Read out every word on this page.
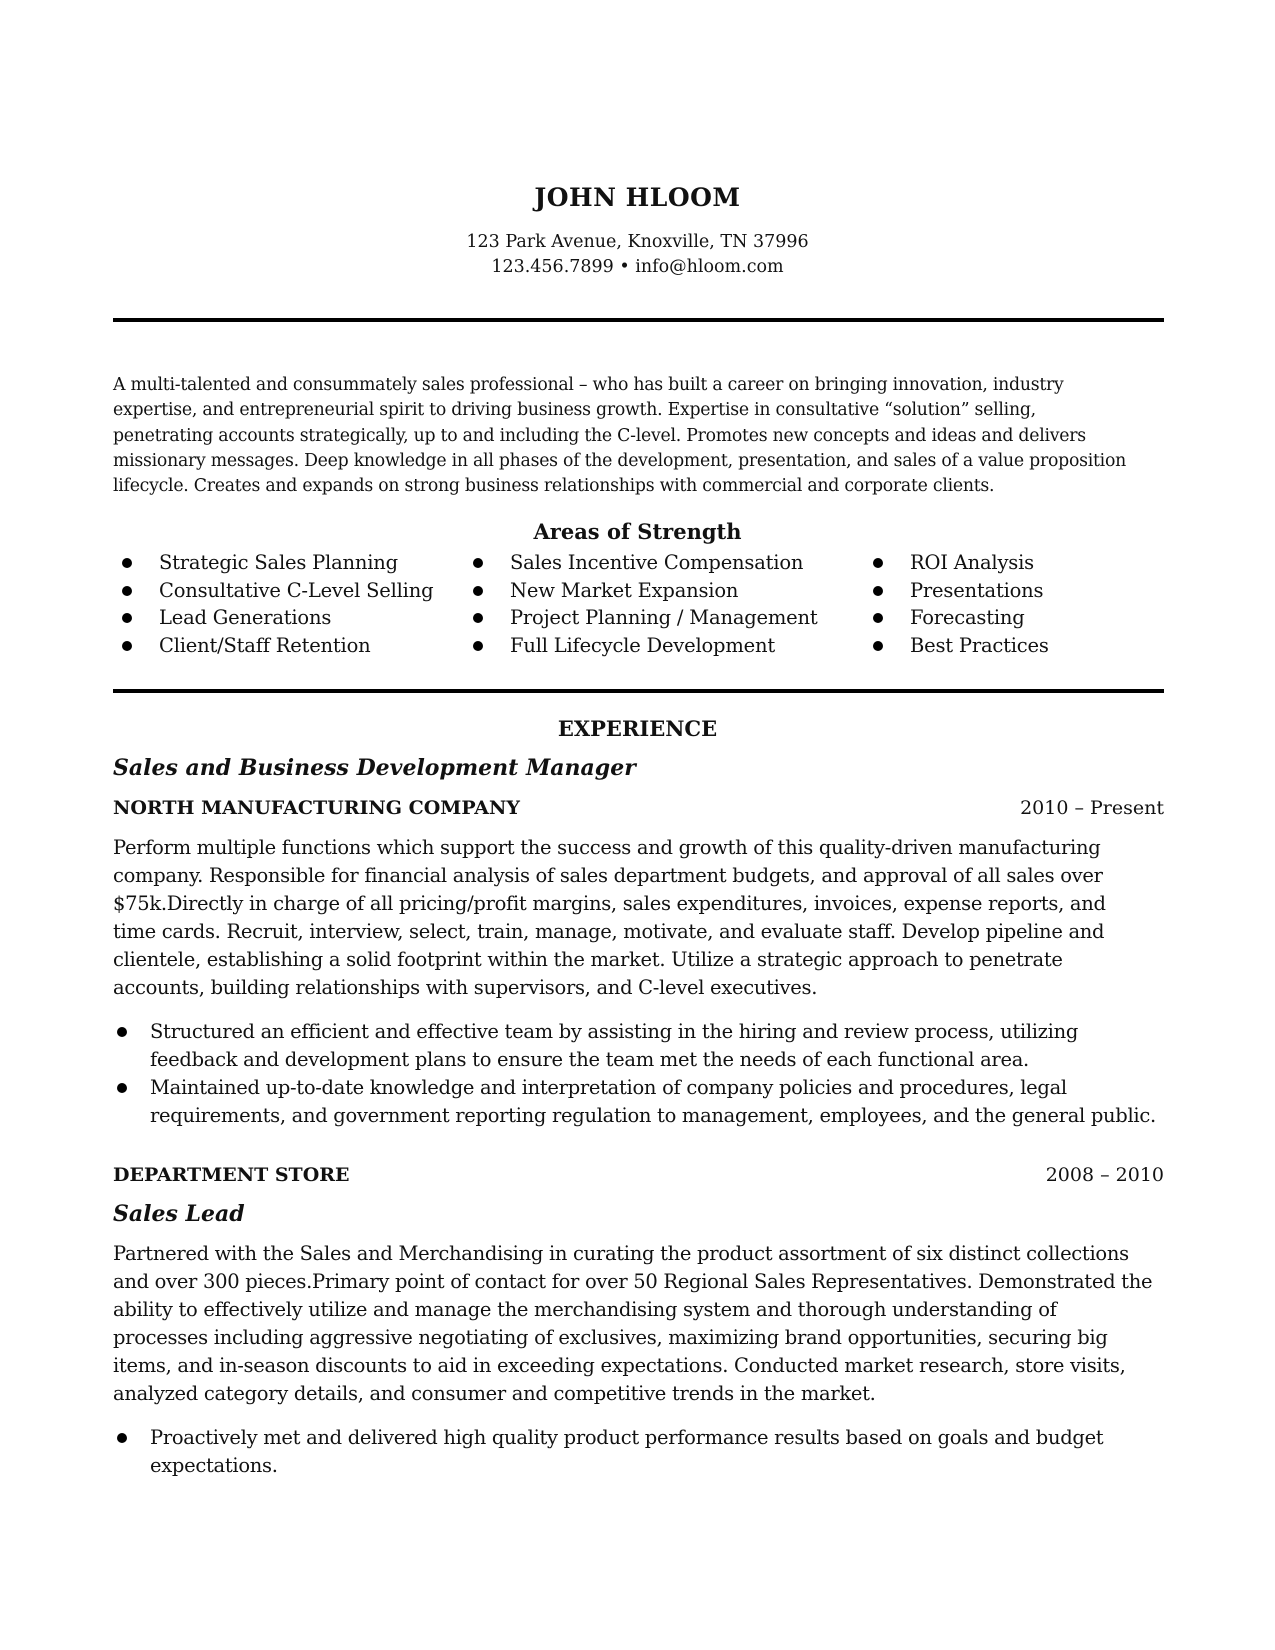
JOHN HLOOM
123 Park Avenue, Knoxville, TN 37996
123.456.7899 • info@hloom.com
A multi-talented and consummately sales professional – who has built a career on bringing innovation, industry
expertise, and entrepreneurial spirit to driving business growth. Expertise in consultative “solution” selling,
penetrating accounts strategically, up to and including the C-level. Promotes new concepts and ideas and delivers
missionary messages. Deep knowledge in all phases of the development, presentation, and sales of a value proposition
lifecycle. Creates and expands on strong business relationships with commercial and corporate clients.
Areas of Strength
Strategic Sales Planning
Consultative C-Level Selling
Lead Generations
Client/Staff Retention
Sales Incentive Compensation
New Market Expansion
Project Planning / Management
Full Lifecycle Development
ROI Analysis
Presentations
Forecasting
Best Practices
EXPERIENCE
Sales and Business Development Manager
NORTH MANUFACTURING COMPANY	2010 – Present
Perform multiple functions which support the success and growth of this quality-driven manufacturing
company. Responsible for financial analysis of sales department budgets, and approval of all sales over
$75k.Directly in charge of all pricing/profit margins, sales expenditures, invoices, expense reports, and
time cards. Recruit, interview, select, train, manage, motivate, and evaluate staff. Develop pipeline and
clientele, establishing a solid footprint within the market. Utilize a strategic approach to penetrate
accounts, building relationships with supervisors, and C-level executives.
Structured an efficient and effective team by assisting in the hiring and review process, utilizing
feedback and development plans to ensure the team met the needs of each functional area.
Maintained up-to-date knowledge and interpretation of company policies and procedures, legal
requirements, and government reporting regulation to management, employees, and the general public.
DEPARTMENT STORE	2008 – 2010
Sales Lead
Partnered with the Sales and Merchandising in curating the product assortment of six distinct collections
and over 300 pieces.Primary point of contact for over 50 Regional Sales Representatives. Demonstrated the
ability to effectively utilize and manage the merchandising system and thorough understanding of
processes including aggressive negotiating of exclusives, maximizing brand opportunities, securing big
items, and in-season discounts to aid in exceeding expectations. Conducted market research, store visits,
analyzed category details, and consumer and competitive trends in the market.
Proactively met and delivered high quality product performance results based on goals and budget
expectations.
